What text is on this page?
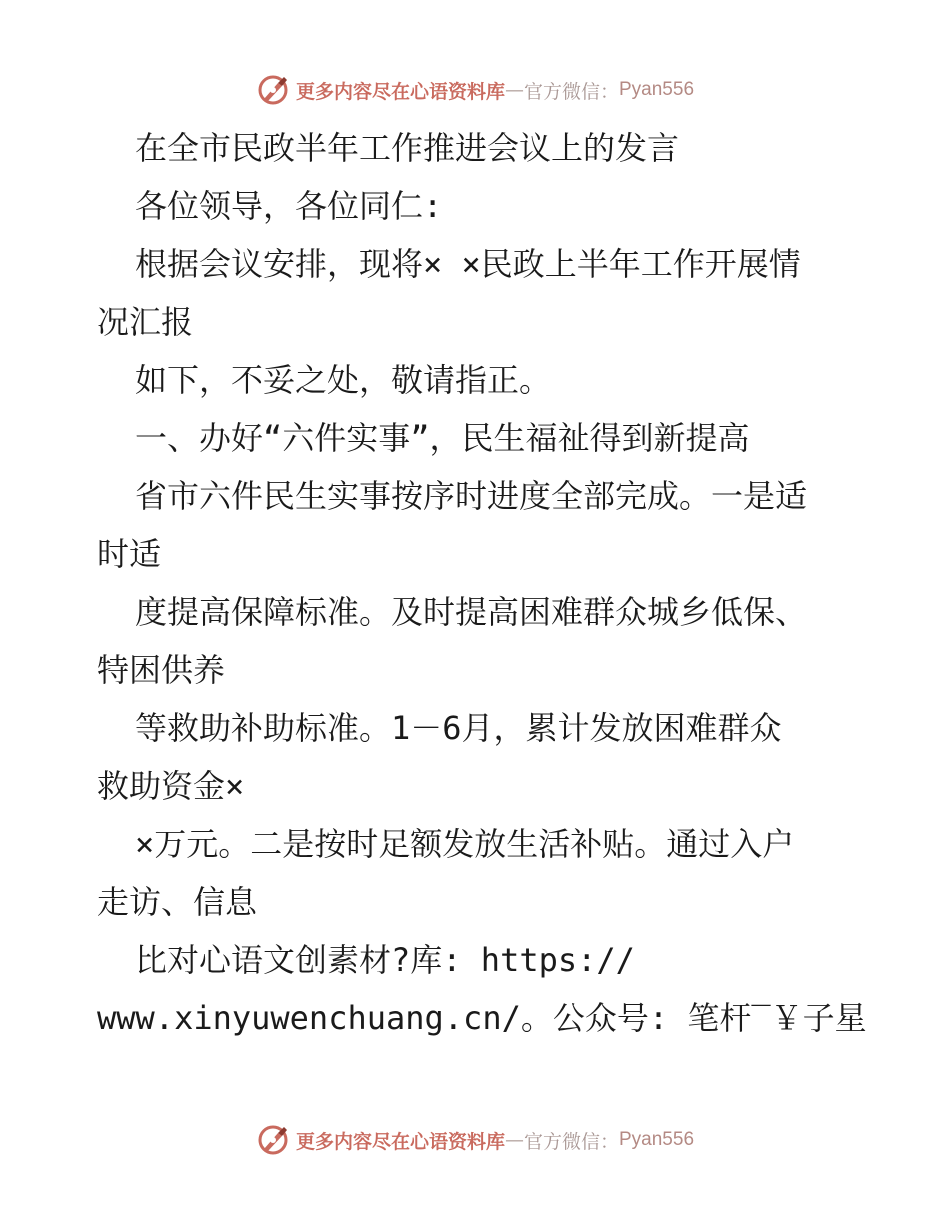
更多内容尽在心语资料库 — 官方微信： Pyan556
在全市民政半年工作推进会议上的发言
各位领导，各位同仁:
根据会议安排，现将× ×民政上半年工作开展情
况汇报
如下，不妥之处，敬请指正。
一、办好“六件实事”，民生福祉得到新提高
省市六件民生实事按序时进度全部完成。一是适
时适
度提高保障标准。及时提高困难群众城乡低保、
特困供养
等救助补助标准。1－6月，累计发放困难群众
救助资金×
×万元。二是按时足额发放生活补贴。通过入户
走访、信息
比对心语文创素材?库: https://
www.xinyuwenchuang.cn/。公众号: 笔杆‾￥子星
更多内容尽在心语资料库 — 官方微信： Pyan556
